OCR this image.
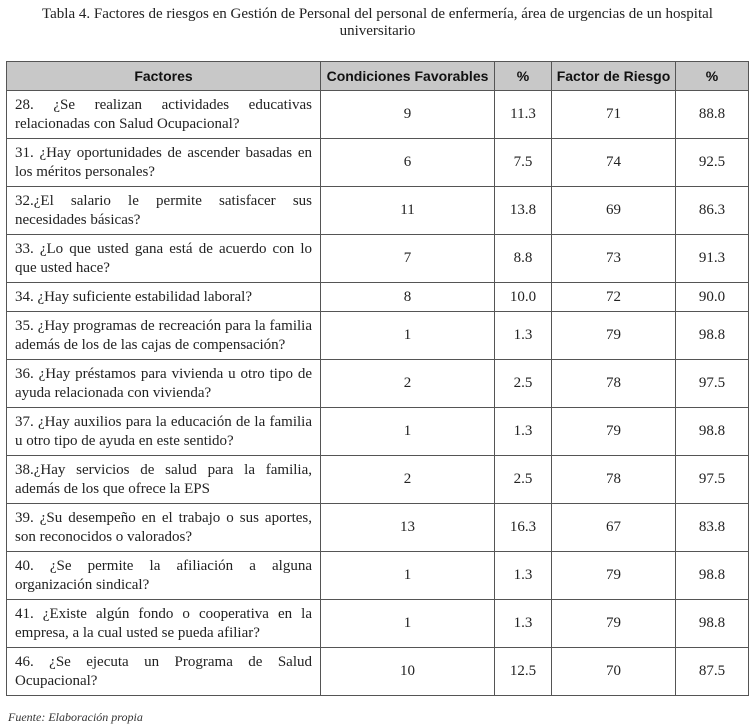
Tabla 4. Factores de riesgos en Gestión de Personal del personal de enfermería, área de urgencias de un hospital
universitario
Factores	Condiciones Favorables	%	Factor de Riesgo	%
28. ¿Se realizan actividades educativas relacionadas con Salud Ocupacional?	9	11.3	71	88.8
31. ¿Hay oportunidades de ascender basadas en los méritos personales?	6	7.5	74	92.5
32.¿El salario le permite satisfacer sus necesidades básicas?	11	13.8	69	86.3
33. ¿Lo que usted gana está de acuerdo con lo que usted hace?	7	8.8	73	91.3
34. ¿Hay suficiente estabilidad laboral?	8	10.0	72	90.0
35. ¿Hay programas de recreación para la familia además de los de las cajas de compensación?	1	1.3	79	98.8
36. ¿Hay préstamos para vivienda u otro tipo de ayuda relacionada con vivienda?	2	2.5	78	97.5
37. ¿Hay auxilios para la educación de la familia u otro tipo de ayuda en este sentido?	1	1.3	79	98.8
38.¿Hay servicios de salud para la familia, además de los que ofrece la EPS	2	2.5	78	97.5
39. ¿Su desempeño en el trabajo o sus aportes, son reconocidos o valorados?	13	16.3	67	83.8
40. ¿Se permite la afiliación a alguna organización sindical?	1	1.3	79	98.8
41. ¿Existe algún fondo o cooperativa en la empresa, a la cual usted se pueda afiliar?	1	1.3	79	98.8
46. ¿Se ejecuta un Programa de Salud Ocupacional?	10	12.5	70	87.5
Fuente: Elaboración propia
